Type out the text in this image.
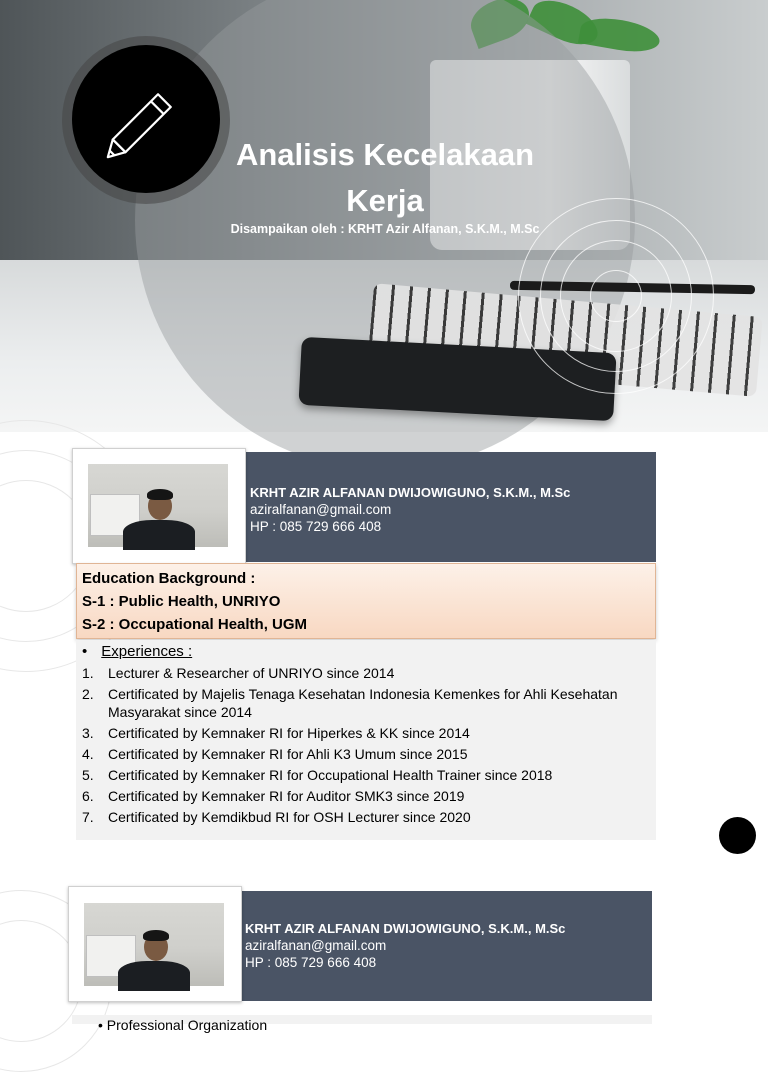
Analisis Kecelakaan Kerja
Disampaikan oleh : KRHT Azir Alfanan, S.K.M., M.Sc
KRHT AZIR ALFANAN DWIJOWIGUNO, S.K.M., M.Sc
aziralfanan@gmail.com
HP : 085 729 666 408
Education Background :
S-1 : Public Health, UNRIYO
S-2 : Occupational Health, UGM
• Experiences :
1. Lecturer & Researcher of UNRIYO since 2014
2. Certificated by Majelis Tenaga Kesehatan Indonesia Kemenkes for Ahli Kesehatan Masyarakat since 2014
3. Certificated by Kemnaker RI for Hiperkes & KK since 2014
4. Certificated by Kemnaker RI for Ahli K3 Umum since 2015
5. Certificated by Kemnaker RI for Occupational Health Trainer since 2018
6. Certificated by Kemnaker RI for Auditor SMK3 since 2019
7. Certificated by Kemdikbud RI for OSH Lecturer since 2020
KRHT AZIR ALFANAN DWIJOWIGUNO, S.K.M., M.Sc
aziralfanan@gmail.com
HP : 085 729 666 408
• Professional Organization
